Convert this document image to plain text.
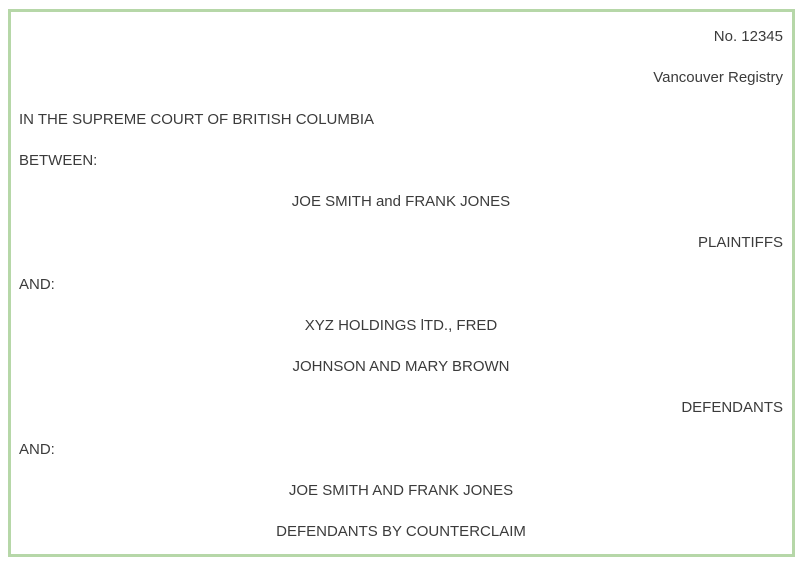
No. 12345
Vancouver Registry
IN THE SUPREME COURT OF BRITISH COLUMBIA
BETWEEN:
JOE SMITH and FRANK JONES
PLAINTIFFS
AND:
XYZ HOLDINGS lTD., FRED
JOHNSON AND MARY BROWN
DEFENDANTS
AND:
JOE SMITH AND FRANK JONES
DEFENDANTS BY COUNTERCLAIM
